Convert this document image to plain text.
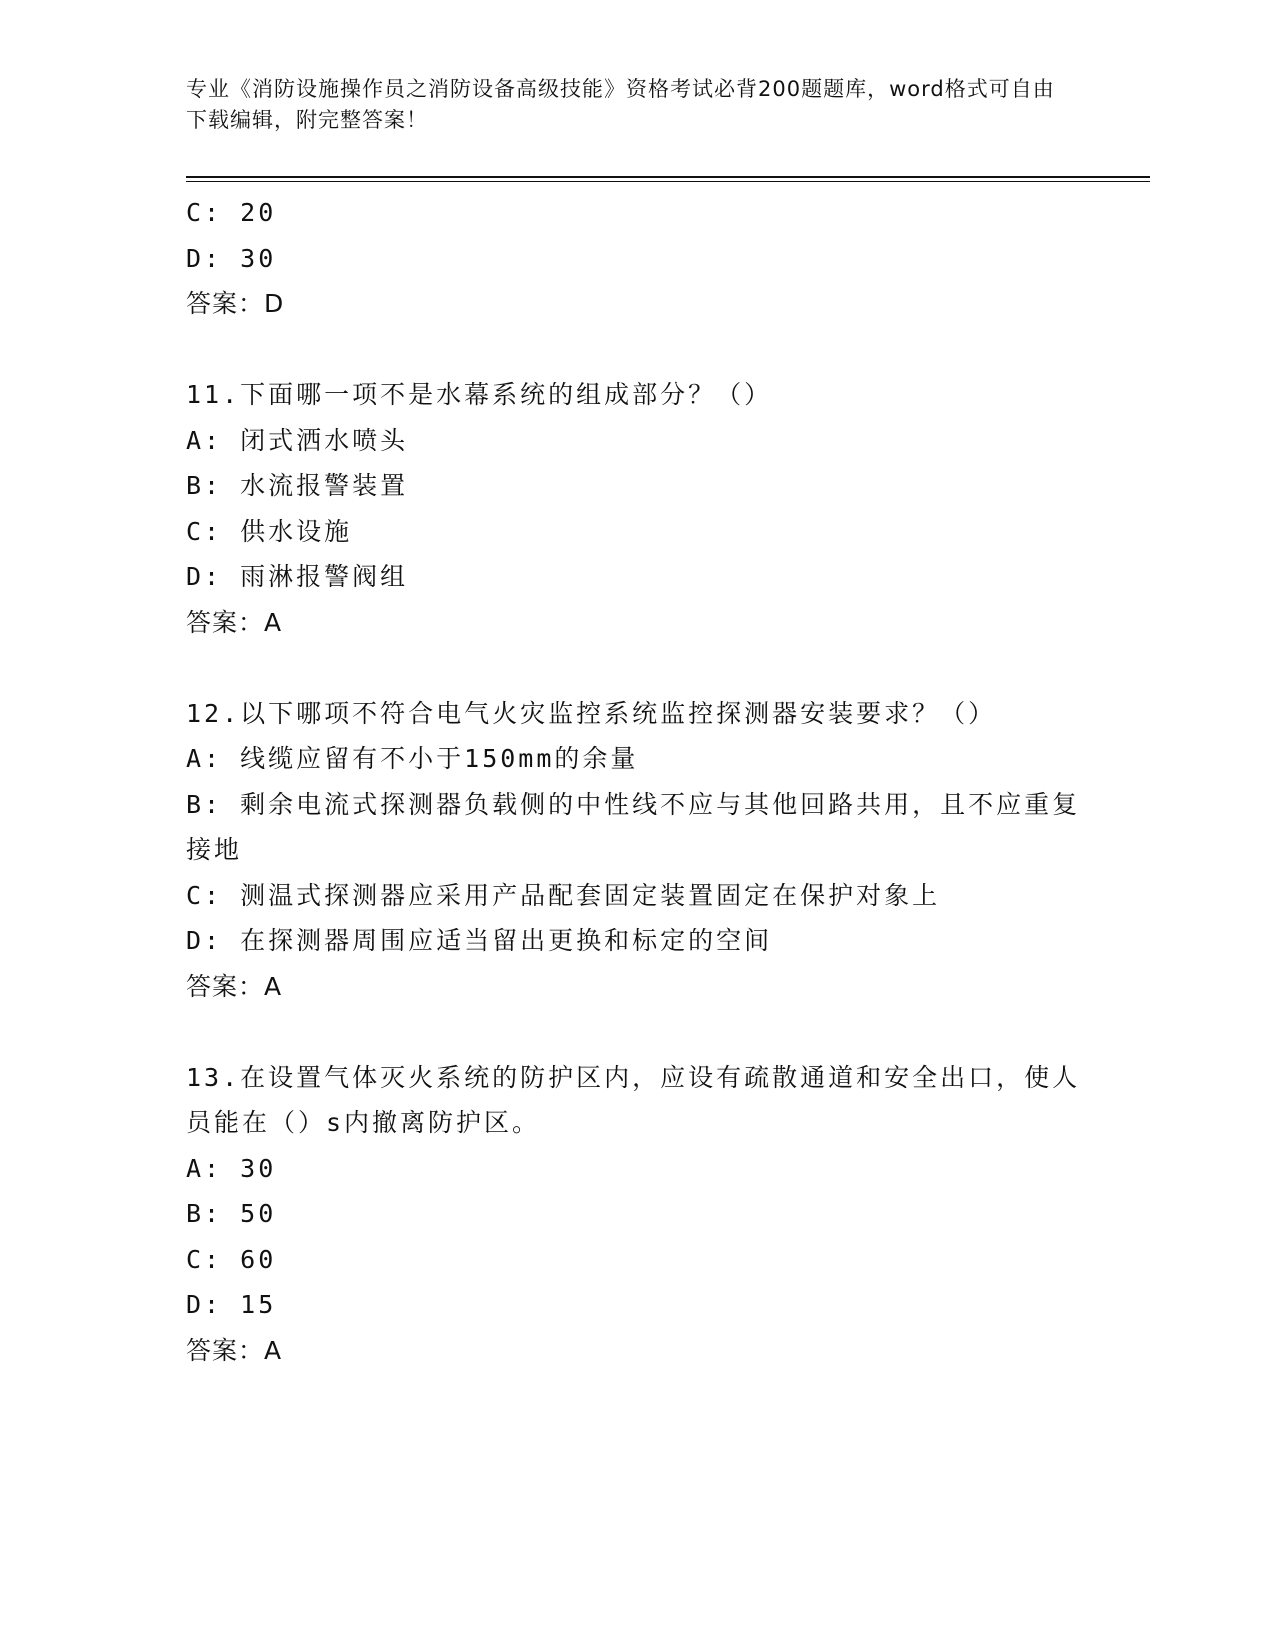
专业《消防设施操作员之消防设备高级技能》资格考试必背200题题库，word格式可自由下载编辑，附完整答案！
C: 20
D: 30
答案：D
11.下面哪一项不是水幕系统的组成部分？（）
A: 闭式洒水喷头
B: 水流报警装置
C: 供水设施
D: 雨淋报警阀组
答案：A
12.以下哪项不符合电气火灾监控系统监控探测器安装要求？（）
A: 线缆应留有不小于150mm的余量
B: 剩余电流式探测器负载侧的中性线不应与其他回路共用，且不应重复接地
C: 测温式探测器应采用产品配套固定装置固定在保护对象上
D: 在探测器周围应适当留出更换和标定的空间
答案：A
13.在设置气体灭火系统的防护区内，应设有疏散通道和安全出口，使人员能在（）s内撤离防护区。
A: 30
B: 50
C: 60
D: 15
答案：A
